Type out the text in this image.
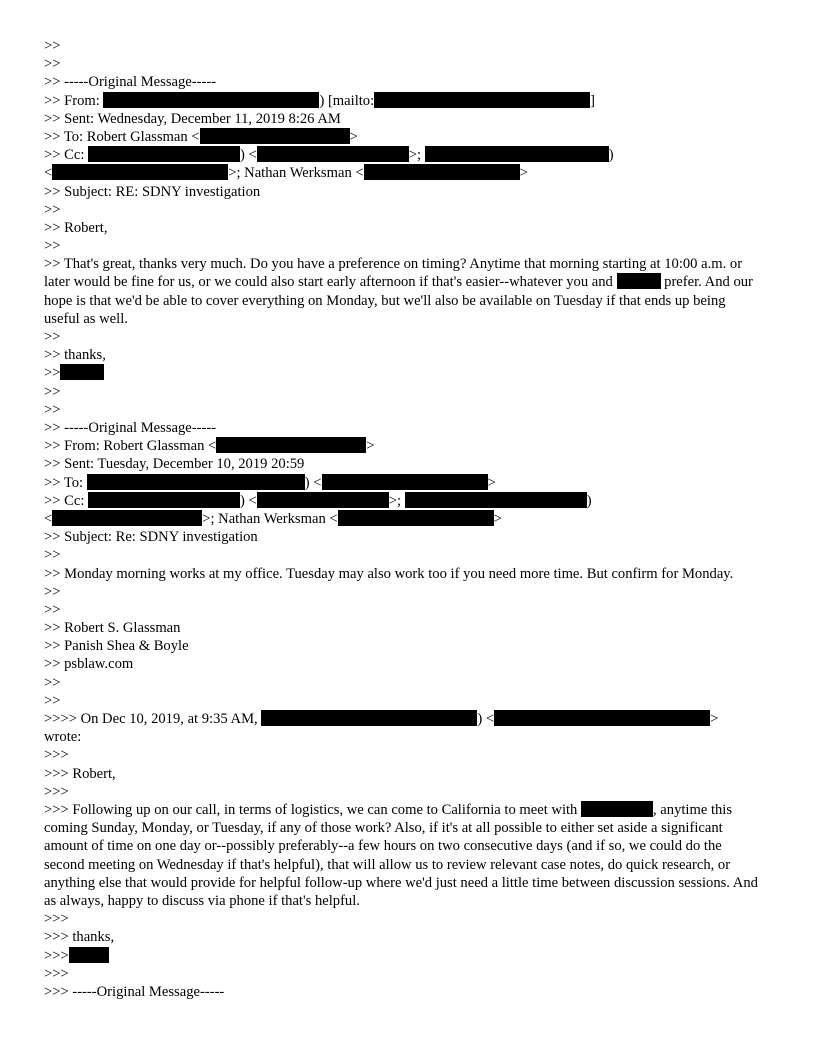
>>
>>
>> -----Original Message-----
>> From:	) [mailto:	]
>> Sent: Wednesday, December 11, 2019 8:26 AM
>> To: Robert Glassman <	>
>> Cc:	) <	>;	)
<	>; Nathan Werksman <	>
>> Subject: RE: SDNY investigation
>>
>> Robert,
>>
>> That's great, thanks very much. Do you have a preference on timing? Anytime that morning starting at 10:00 a.m. or later would be fine for us, or we could also start early afternoon if that's easier--whatever you and	prefer. And our hope is that we'd be able to cover everything on Monday, but we'll also be available on Tuesday if that ends up being useful as well.
>>
>> thanks,
>>
>>
>>
>> -----Original Message-----
>> From: Robert Glassman <	>
>> Sent: Tuesday, December 10, 2019 20:59
>> To:	) <	>
>> Cc:	) <	>;	)
<	>; Nathan Werksman <	>
>> Subject: Re: SDNY investigation
>>
>> Monday morning works at my office. Tuesday may also work too if you need more time. But confirm for Monday.
>>
>>
>> Robert S. Glassman
>> Panish Shea & Boyle
>> psblaw.com
>>
>>
>>>> On Dec 10, 2019, at 9:35 AM,	) <	>
wrote:
>>>
>>> Robert,
>>>
>>> Following up on our call, in terms of logistics, we can come to California to meet with	, anytime this coming Sunday, Monday, or Tuesday, if any of those work? Also, if it's at all possible to either set aside a significant amount of time on one day or--possibly preferably--a few hours on two consecutive days (and if so, we could do the second meeting on Wednesday if that's helpful), that will allow us to review relevant case notes, do quick research, or anything else that would provide for helpful follow-up where we'd just need a little time between discussion sessions. And as always, happy to discuss via phone if that's helpful.
>>>
>>> thanks,
>>>
>>>
>>> -----Original Message-----
